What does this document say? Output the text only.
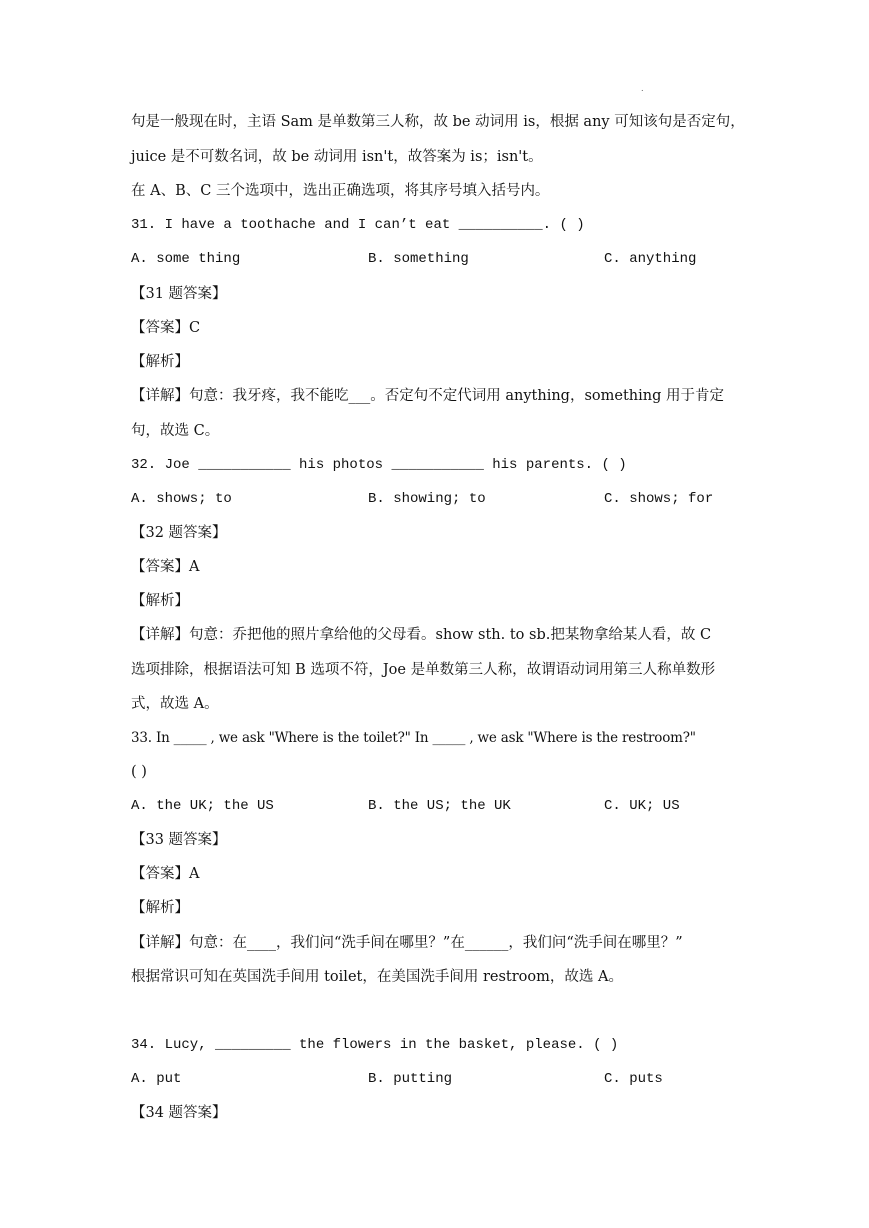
.
句是一般现在时，主语 Sam 是单数第三人称，故 be 动词用 is，根据 any 可知该句是否定句，
juice 是不可数名词，故 be 动词用 isn't，故答案为 is；isn't。
在 A、B、C 三个选项中，选出正确选项，将其序号填入括号内。
31. I have a toothache and I can’t eat __________. ( )
A. some thing	B. something	C. anything
【31 题答案】
【答案】C
【解析】
【详解】句意：我牙疼，我不能吃___。否定句不定代词用 anything，something 用于肯定
句，故选 C。
32. Joe ___________ his photos ___________ his parents. ( )
A. shows; to	B. showing; to	C. shows; for
【32 题答案】
【答案】A
【解析】
【详解】句意：乔把他的照片拿给他的父母看。show sth. to sb.把某物拿给某人看，故 C
选项排除，根据语法可知 B 选项不符，Joe 是单数第三人称，故谓语动词用第三人称单数形
式，故选 A。
33. In _____ , we ask "Where is the toilet?" In _____ , we ask "Where is the restroom?"
( )
A. the UK; the US	B. the US; the UK	C. UK; US
【33 题答案】
【答案】A
【解析】
【详解】句意：在____，我们问“洗手间在哪里？”在______，我们问“洗手间在哪里？”
根据常识可知在英国洗手间用 toilet，在美国洗手间用 restroom，故选 A。
34. Lucy, _________ the flowers in the basket, please. ( )
A. put	B. putting	C. puts
【34 题答案】
